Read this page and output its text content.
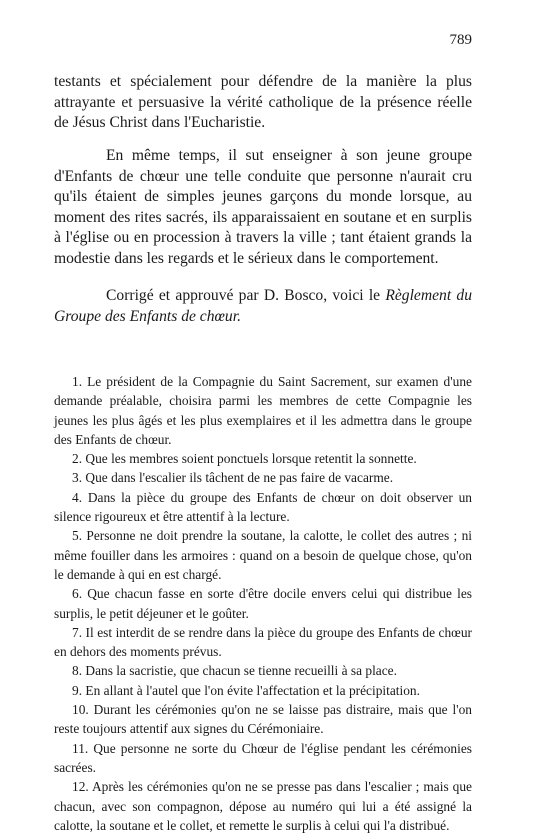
789

testants et spécialement pour défendre de la manière la plus attrayante et persuasive la vérité catholique de la présence réelle de Jésus Christ dans l'Eucharistie.

En même temps, il sut enseigner à son jeune groupe d'Enfants de chœur une telle conduite que personne n'aurait cru qu'ils étaient de simples jeunes garçons du monde lorsque, au moment des rites sacrés, ils apparaissaient en soutane et en surplis à l'église ou en procession à travers la ville ; tant étaient grands la modestie dans les regards et le sérieux dans le comportement.

Corrigé et approuvé par D. Bosco, voici le Règlement du Groupe des Enfants de chœur.

1. Le président de la Compagnie du Saint Sacrement, sur examen d'une demande préalable, choisira parmi les membres de cette Compagnie les jeunes les plus âgés et les plus exemplaires et il les admettra dans le groupe des Enfants de chœur.

2. Que les membres soient ponctuels lorsque retentit la sonnette.

3. Que dans l'escalier ils tâchent de ne pas faire de vacarme.

4. Dans la pièce du groupe des Enfants de chœur on doit observer un silence rigoureux et être attentif à la lecture.

5. Personne ne doit prendre la soutane, la calotte, le collet des autres ; ni même fouiller dans les armoires : quand on a besoin de quelque chose, qu'on le demande à qui en est chargé.

6. Que chacun fasse en sorte d'être docile envers celui qui distribue les surplis, le petit déjeuner et le goûter.

7. Il est interdit de se rendre dans la pièce du groupe des Enfants de chœur en dehors des moments prévus.

8. Dans la sacristie, que chacun se tienne recueilli à sa place.

9. En allant à l'autel que l'on évite l'affectation et la précipitation.

10. Durant les cérémonies qu'on ne se laisse pas distraire, mais que l'on reste toujours attentif aux signes du Cérémoniaire.

11. Que personne ne sorte du Chœur de l'église pendant les cérémonies sacrées.

12. Après les cérémonies qu'on ne se presse pas dans l'escalier ; mais que chacun, avec son compagnon, dépose au numéro qui lui a été assigné la calotte, la soutane et le collet, et remette le surplis à celui qui l'a distribué.
